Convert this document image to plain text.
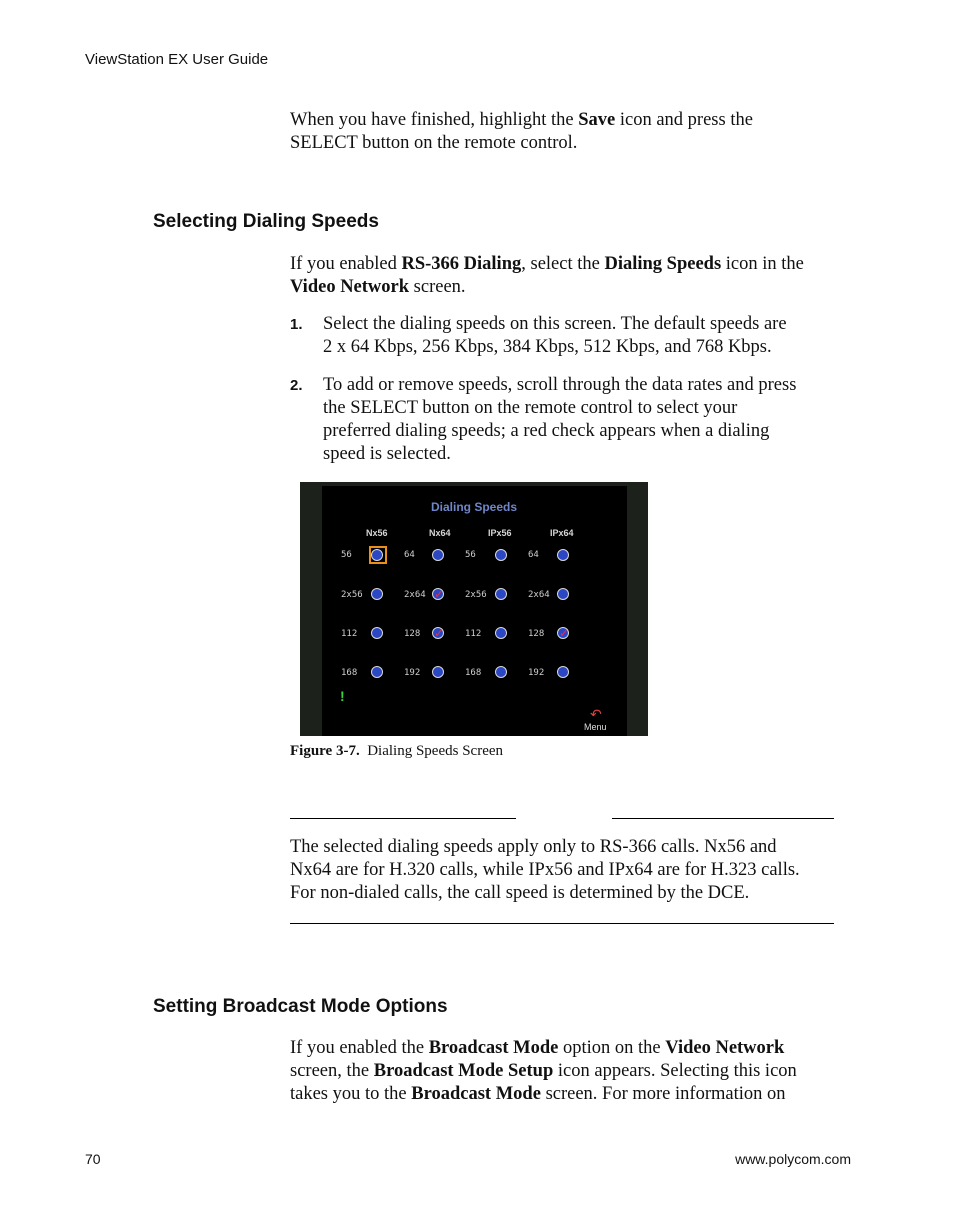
ViewStation EX User Guide
When you have finished, highlight the Save icon and press the
SELECT button on the remote control.
Selecting Dialing Speeds
If you enabled RS-366 Dialing, select the Dialing Speeds icon in the
Video Network screen.
1. Select the dialing speeds on this screen. The default speeds are
2 x 64 Kbps, 256 Kbps, 384 Kbps, 512 Kbps, and 768 Kbps.
2. To add or remove speeds, scroll through the data rates and press
the SELECT button on the remote control to select your
preferred dialing speeds; a red check appears when a dialing
speed is selected.
Dialing Speeds
Nx56	Nx64	IPx56	IPx64
56	64	56	64
2x56	2x64 ✓ 2x56	2x64
112	128 ✓ 112	128 ✓
168	192	168	192
!
↶
Menu
Figure 3-7. Dialing Speeds Screen
The selected dialing speeds apply only to RS-366 calls. Nx56 and
Nx64 are for H.320 calls, while IPx56 and IPx64 are for H.323 calls.
For non-dialed calls, the call speed is determined by the DCE.
Setting Broadcast Mode Options
If you enabled the Broadcast Mode option on the Video Network
screen, the Broadcast Mode Setup icon appears. Selecting this icon
takes you to the Broadcast Mode screen. For more information on
70	www.polycom.com
